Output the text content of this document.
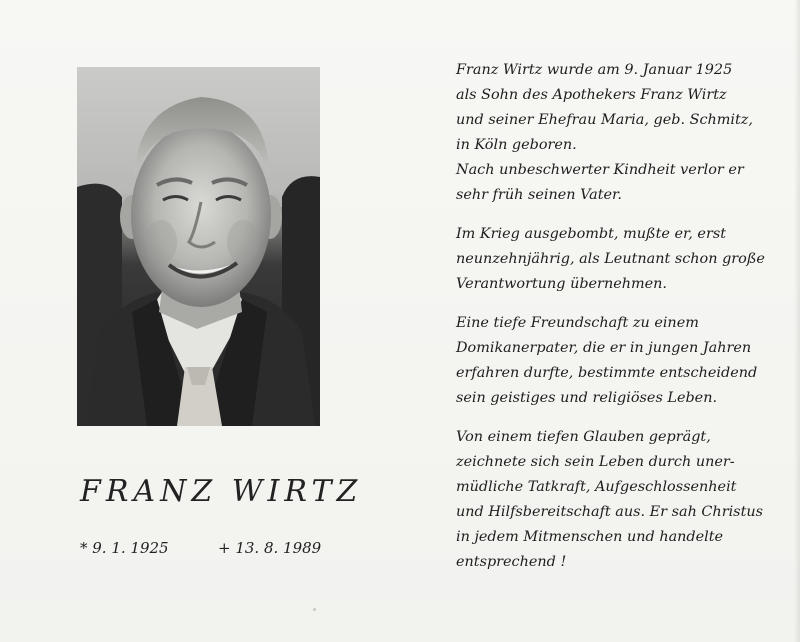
FRANZ WIRTZ
* 9. 1. 1925	+ 13. 8. 1989

Franz Wirtz wurde am 9. Januar 1925
als Sohn des Apothekers Franz Wirtz
und seiner Ehefrau Maria, geb. Schmitz,
in Köln geboren.
Nach unbeschwerter Kindheit verlor er
sehr früh seinen Vater.

Im Krieg ausgebombt, mußte er, erst
neunzehnjährig, als Leutnant schon große
Verantwortung übernehmen.

Eine tiefe Freundschaft zu einem
Domikanerpater, die er in jungen Jahren
erfahren durfte, bestimmte entscheidend
sein geistiges und religiöses Leben.

Von einem tiefen Glauben geprägt,
zeichnete sich sein Leben durch uner-
müdliche Tatkraft, Aufgeschlossenheit
und Hilfsbereitschaft aus. Er sah Christus
in jedem Mitmenschen und handelte
entsprechend !
